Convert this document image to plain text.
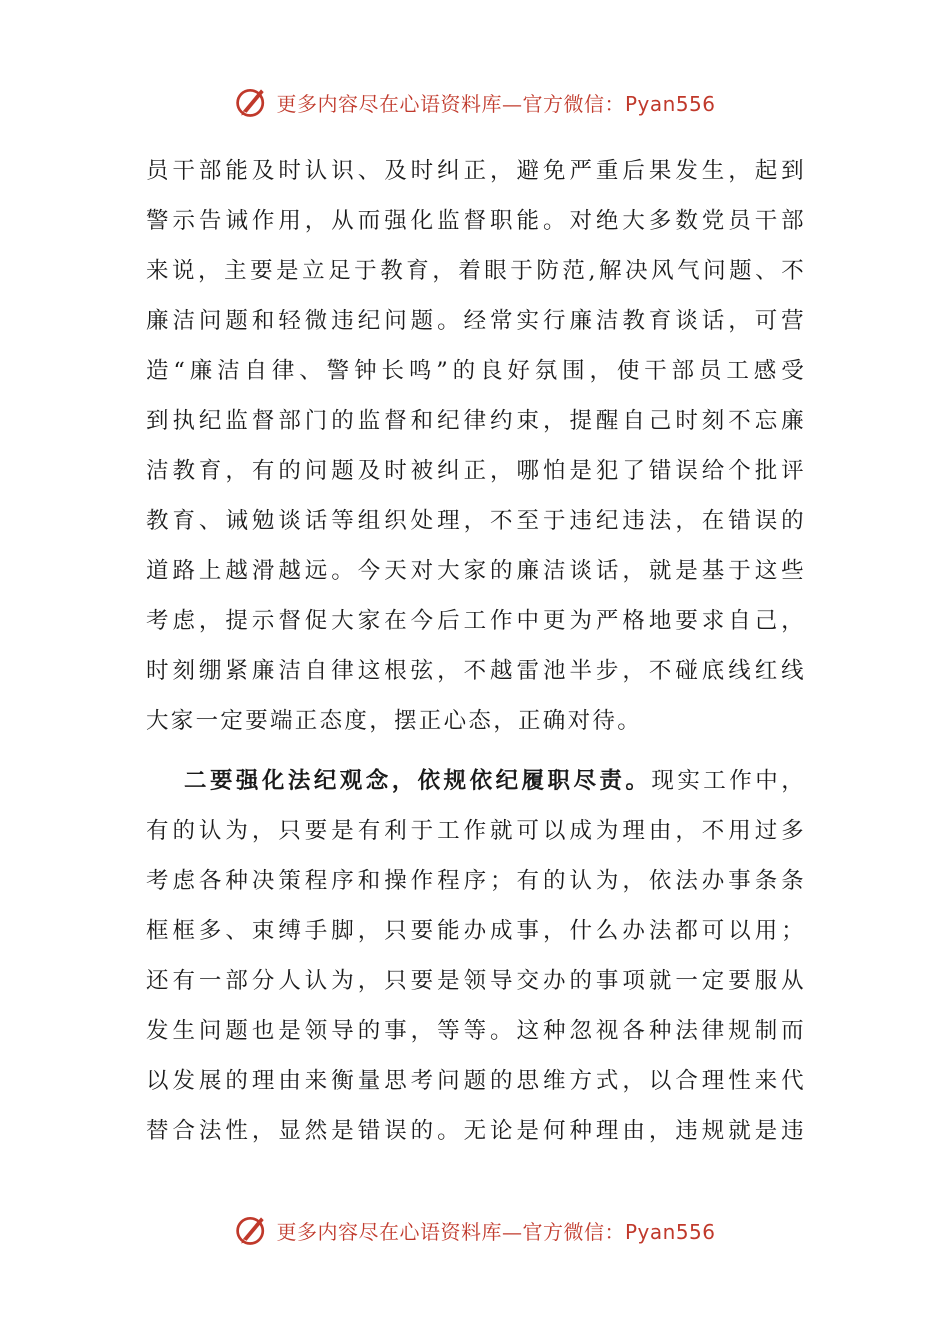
更多内容尽在心语资料库—官方微信：Pyan556
员干部能及时认识、及时纠正，避免严重后果发生，起到
警示告诫作用，从而强化监督职能。对绝大多数党员干部
来说，主要是立足于教育，着眼于防范,解决风气问题、不
廉洁问题和轻微违纪问题。经常实行廉洁教育谈话，可营
造“廉洁自律、警钟长鸣”的良好氛围，使干部员工感受
到执纪监督部门的监督和纪律约束，提醒自己时刻不忘廉
洁教育，有的问题及时被纠正，哪怕是犯了错误给个批评
教育、诫勉谈话等组织处理，不至于违纪违法，在错误的
道路上越滑越远。今天对大家的廉洁谈话，就是基于这些
考虑，提示督促大家在今后工作中更为严格地要求自己，
时刻绷紧廉洁自律这根弦，不越雷池半步，不碰底线红线
大家一定要端正态度，摆正心态，正确对待。
二要强化法纪观念，依规依纪履职尽责。现实工作中，
有的认为，只要是有利于工作就可以成为理由，不用过多
考虑各种决策程序和操作程序；有的认为，依法办事条条
框框多、束缚手脚，只要能办成事，什么办法都可以用；
还有一部分人认为，只要是领导交办的事项就一定要服从
发生问题也是领导的事，等等。这种忽视各种法律规制而
以发展的理由来衡量思考问题的思维方式，以合理性来代
替合法性，显然是错误的。无论是何种理由，违规就是违
更多内容尽在心语资料库—官方微信：Pyan556
